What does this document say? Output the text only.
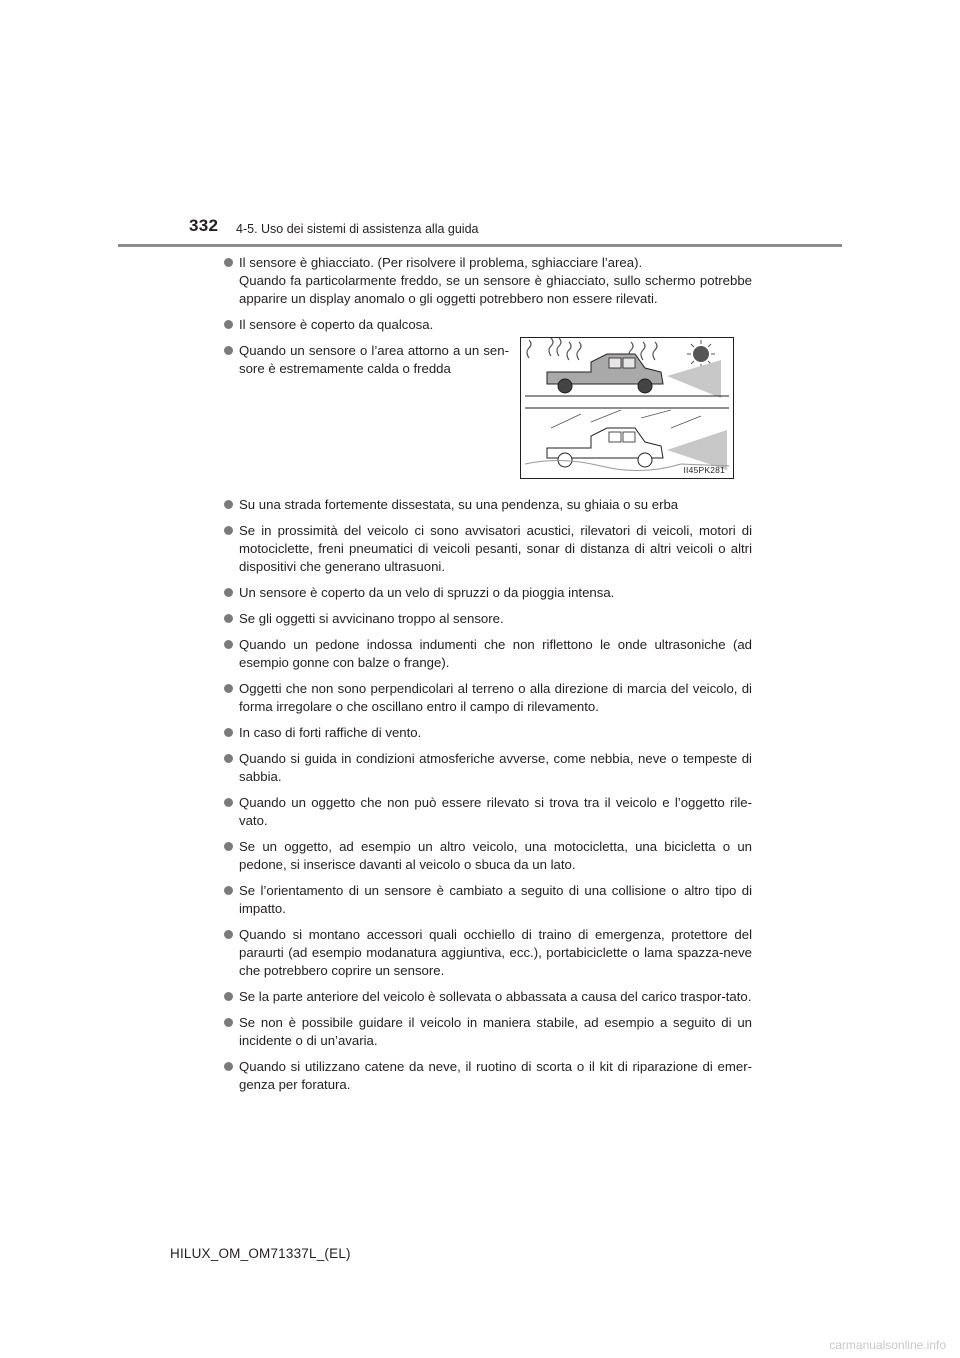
332 4-5. Uso dei sistemi di assistenza alla guida
Il sensore è ghiacciato. (Per risolvere il problema, sghiacciare l’area).
Quando fa particolarmente freddo, se un sensore è ghiacciato, sullo schermo potrebbe apparire un display anomalo o gli oggetti potrebbero non essere rilevati.
Il sensore è coperto da qualcosa.
Quando un sensore o l’area attorno a un sen-sore è estremamente calda o fredda
II45PK281
Su una strada fortemente dissestata, su una pendenza, su ghiaia o su erba
Se in prossimità del veicolo ci sono avvisatori acustici, rilevatori di veicoli, motori di motociclette, freni pneumatici di veicoli pesanti, sonar di distanza di altri veicoli o altri dispositivi che generano ultrasuoni.
Un sensore è coperto da un velo di spruzzi o da pioggia intensa.
Se gli oggetti si avvicinano troppo al sensore.
Quando un pedone indossa indumenti che non riflettono le onde ultrasoniche (ad esempio gonne con balze o frange).
Oggetti che non sono perpendicolari al terreno o alla direzione di marcia del veicolo, di forma irregolare o che oscillano entro il campo di rilevamento.
In caso di forti raffiche di vento.
Quando si guida in condizioni atmosferiche avverse, come nebbia, neve o tempeste di sabbia.
Quando un oggetto che non può essere rilevato si trova tra il veicolo e l’oggetto rile-vato.
Se un oggetto, ad esempio un altro veicolo, una motocicletta, una bicicletta o un pedone, si inserisce davanti al veicolo o sbuca da un lato.
Se l’orientamento di un sensore è cambiato a seguito di una collisione o altro tipo di impatto.
Quando si montano accessori quali occhiello di traino di emergenza, protettore del paraurti (ad esempio modanatura aggiuntiva, ecc.), portabiciclette o lama spazza-neve che potrebbero coprire un sensore.
Se la parte anteriore del veicolo è sollevata o abbassata a causa del carico traspor-tato.
Se non è possibile guidare il veicolo in maniera stabile, ad esempio a seguito di un incidente o di un’avaria.
Quando si utilizzano catene da neve, il ruotino di scorta o il kit di riparazione di emer-genza per foratura.
HILUX_OM_OM71337L_(EL)
carmanualsonline.info
